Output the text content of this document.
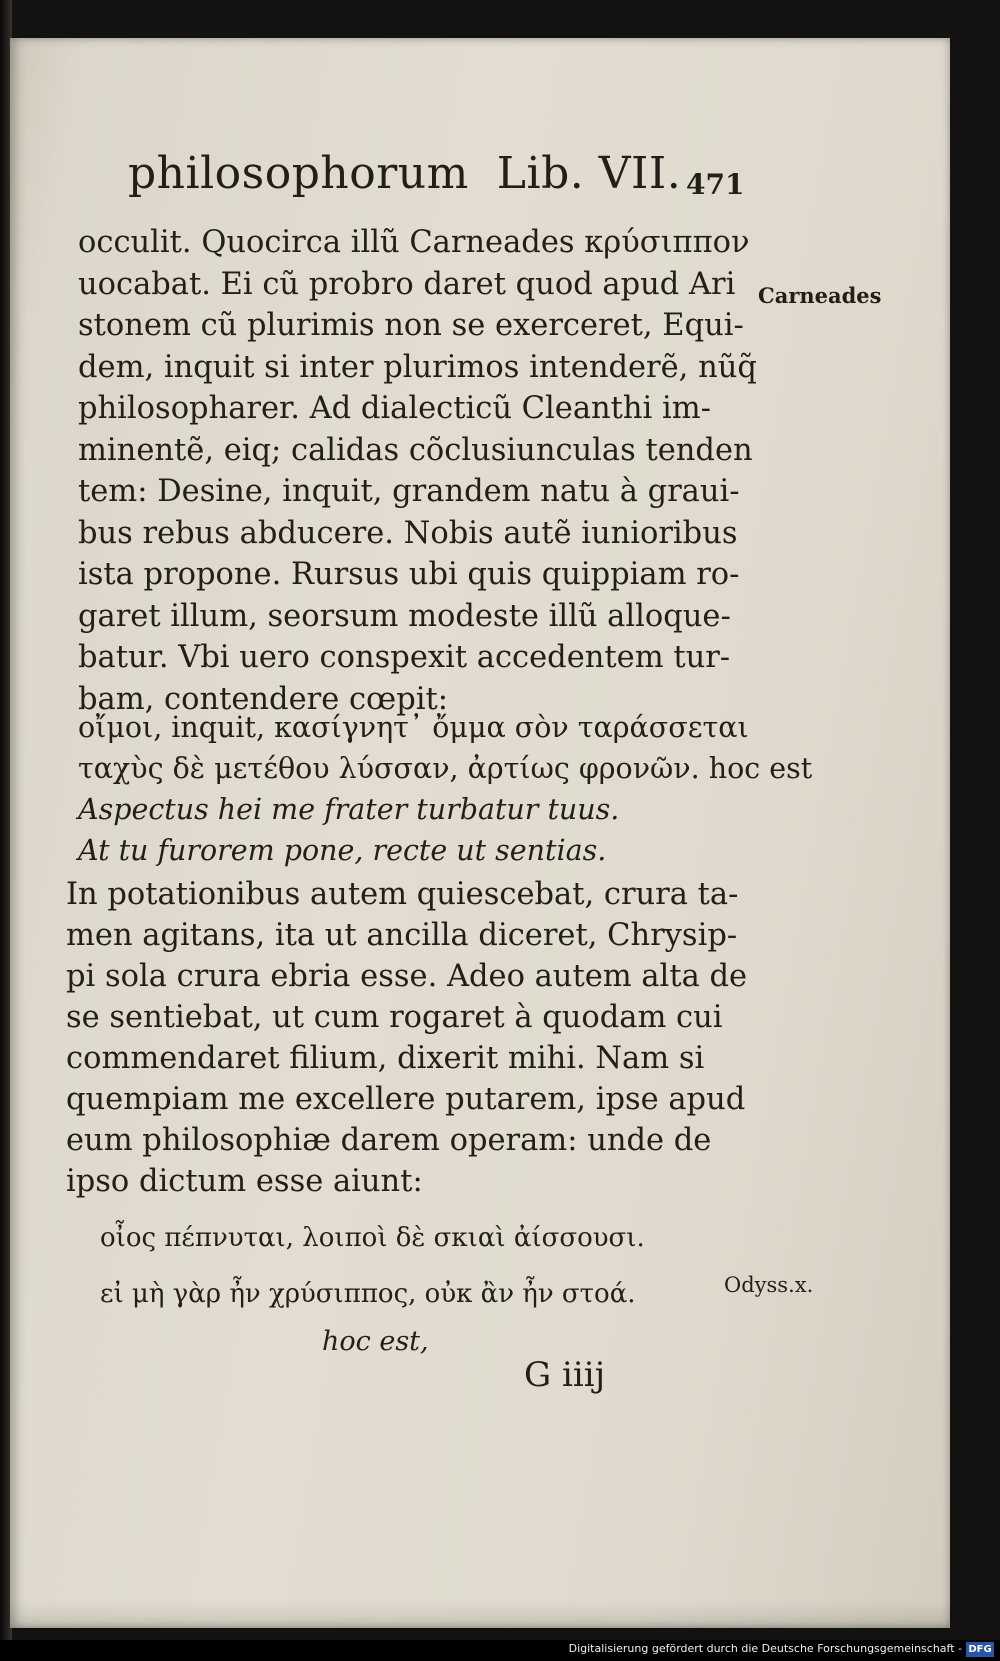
philosophorum Lib. VII. 471
Carneades
Odyss.x.
occulit. Quocirca illũ Carneades κρύσιππον
uocabat. Ei cũ probro daret quod apud Ari
stonem cũ plurimis non se exerceret, Equi-
dem, inquit si inter plurimos intenderẽ, nũq̃
philosopharer. Ad dialecticũ Cleanthi im-
minentẽ, eiq; calidas cõclusiunculas tenden
tem: Desine, inquit, grandem natu à graui-
bus rebus abducere. Nobis autẽ iunioribus
ista propone. Rursus ubi quis quippiam ro-
garet illum, seorsum modeste illũ alloque-
batur. Vbi uero conspexit accedentem tur-
bam, contendere cœpit:
οἴμοι, inquit, κασίγνητ᾽ ὄμμα σὸν ταράσσεται
ταχὺς δὲ μετέθου λύσσαν, ἀρτίως φρονῶν. hoc est
Aspectus hei me frater turbatur tuus.
At tu furorem pone, recte ut sentias.
In potationibus autem quiescebat, crura ta-
men agitans, ita ut ancilla diceret, Chrysip-
pi sola crura ebria esse. Adeo autem alta de
se sentiebat, ut cum rogaret à quodam cui
commendaret filium, dixerit mihi. Nam si
quempiam me excellere putarem, ipse apud
eum philosophiæ darem operam: unde de
ipso dictum esse aiunt:
οἶος πέπνυται, λοιποὶ δὲ σκιαὶ ἀίσσουσι.
εἰ μὴ γὰρ ἦν χρύσιππος, οὐκ ἂν ἦν στοά.
hoc est,
G iiij
Digitalisierung gefördert durch die Deutsche Forschungsgemeinschaft - DFG
